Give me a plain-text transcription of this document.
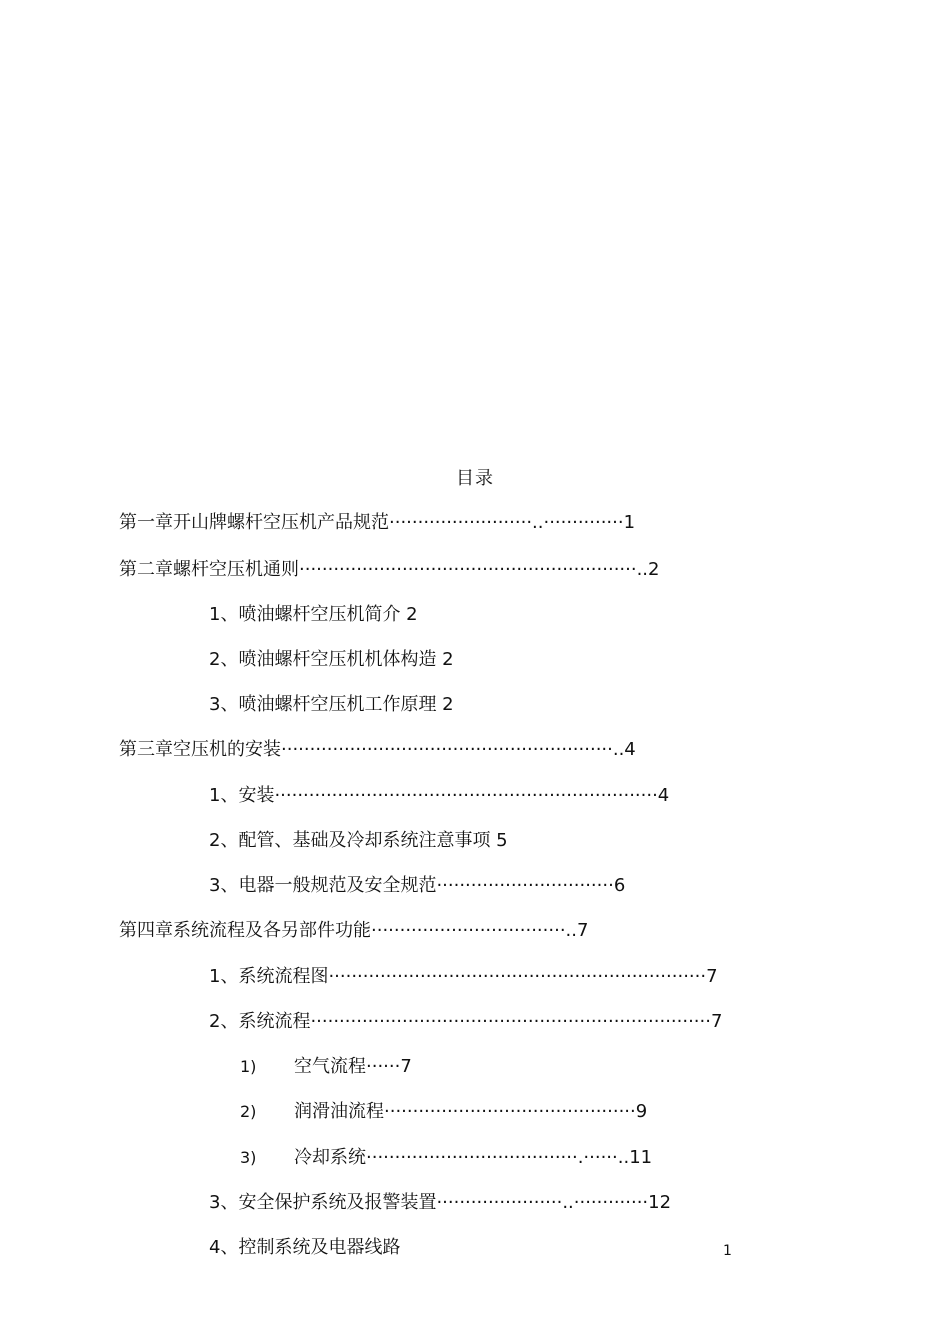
目录
第一章开山牌螺杆空压机产品规范·························..··············1
第二章螺杆空压机通则···························································..2
1、喷油螺杆空压机简介 2
2、喷油螺杆空压机机体构造 2
3、喷油螺杆空压机工作原理 2
第三章空压机的安装··························································..4
1、安装···································································4
2、配管、基础及冷却系统注意事项 5
3、电器一般规范及安全规范·······························6
第四章系统流程及各另部件功能··································..7
1、系统流程图··································································7
2、系统流程······································································7
1) 空气流程······7
2) 润滑油流程············································9
3) 冷却系统·····································.······..11
3、安全保护系统及报警装置······················..·············12
4、控制系统及电器线路	1
